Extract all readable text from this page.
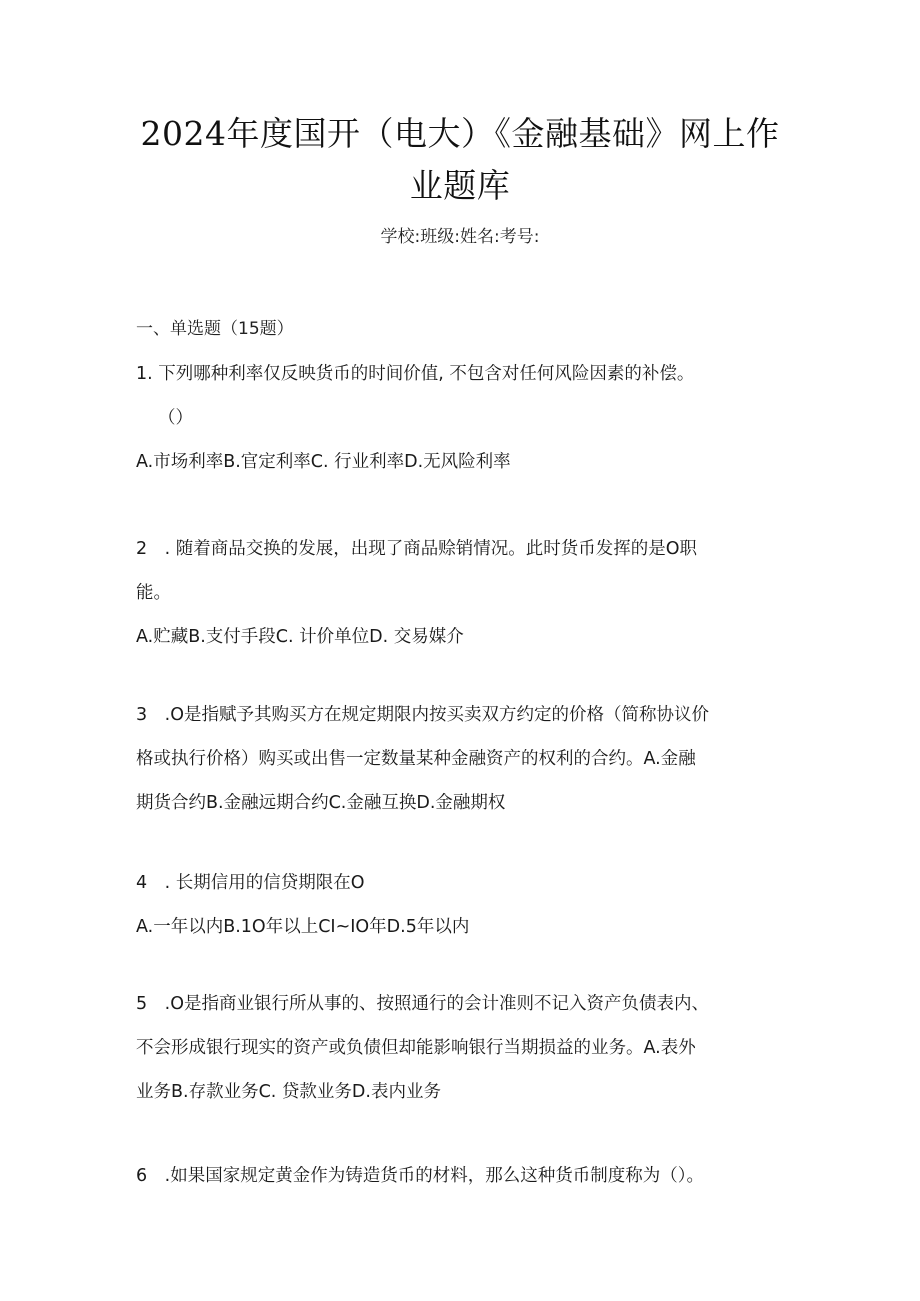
2024年度国开（电大）《金融基础》网上作
业题库
学校:班级:姓名:考号:
一、单选题（15题）
1. 下列哪种利率仅反映货币的时间价值, 不包含对任何风险因素的补偿。
（）
A.市场利率B.官定利率C. 行业利率D.无风险利率
2　. 随着商品交换的发展，出现了商品赊销情况。此时货币发挥的是O职
能。
A.贮藏B.支付手段C. 计价单位D. 交易媒介
3　.O是指赋予其购买方在规定期限内按买卖双方约定的价格（简称协议价
格或执行价格）购买或出售一定数量某种金融资产的权利的合约。A.金融
期货合约B.金融远期合约C.金融互换D.金融期权
4　. 长期信用的信贷期限在O
A.一年以内B.1O年以上CI~IO年D.5年以内
5　.O是指商业银行所从事的、按照通行的会计准则不记入资产负债表内、
不会形成银行现实的资产或负债但却能影响银行当期损益的业务。A.表外
业务B.存款业务C. 贷款业务D.表内业务
6　.如果国家规定黄金作为铸造货币的材料，那么这种货币制度称为（）。
